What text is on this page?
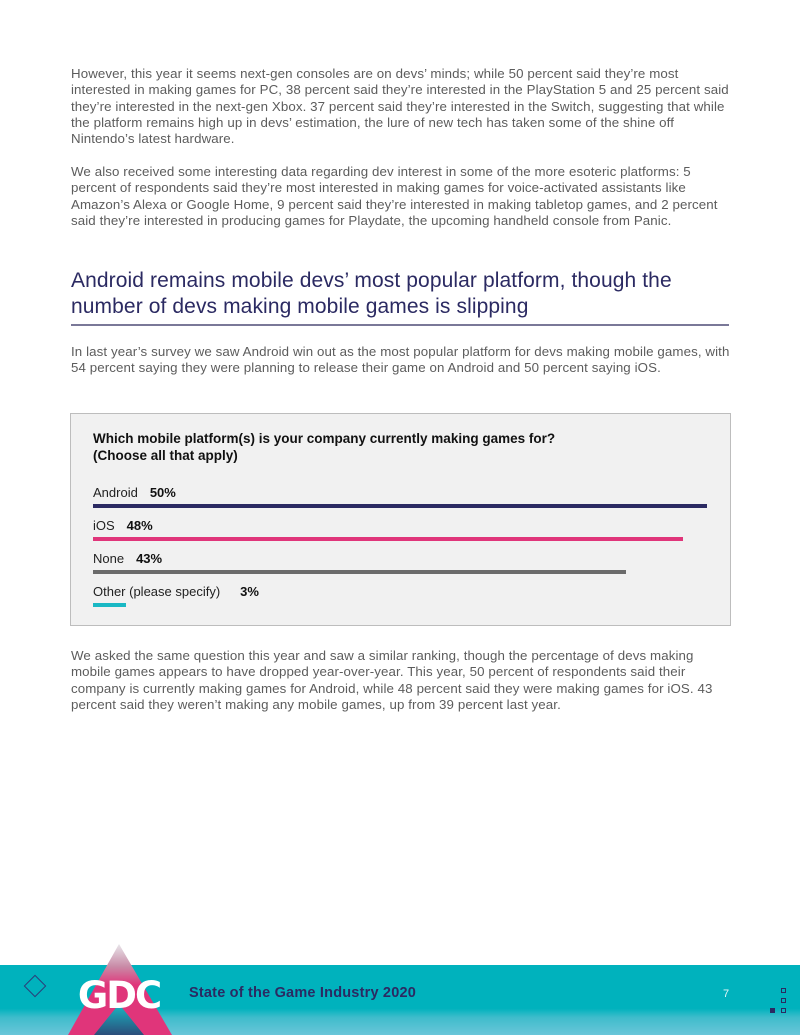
However, this year it seems next-gen consoles are on devs’ minds; while 50 percent said they’re most interested in making games for PC, 38 percent said they’re interested in the PlayStation 5 and 25 percent said they’re interested in the next-gen Xbox. 37 percent said they’re interested in the Switch, suggesting that while the platform remains high up in devs’ estimation, the lure of new tech has taken some of the shine off Nintendo’s latest hardware.

We also received some interesting data regarding dev interest in some of the more esoteric platforms: 5 percent of respondents said they’re most interested in making games for voice-activated assistants like Amazon’s Alexa or Google Home, 9 percent said they’re interested in making tabletop games, and 2 percent said they’re interested in producing games for Playdate, the upcoming handheld console from Panic.

Android remains mobile devs’ most popular platform, though the number of devs making mobile games is slipping

In last year’s survey we saw Android win out as the most popular platform for devs making mobile games, with 54 percent saying they were planning to release their game on Android and 50 percent saying iOS.

Which mobile platform(s) is your company currently making games for?
(Choose all that apply)

Android 50%
iOS 48%
None 43%
Other (please specify) 3%

We asked the same question this year and saw a similar ranking, though the percentage of devs making mobile games appears to have dropped year-over-year. This year, 50 percent of respondents said their company is currently making games for Android, while 48 percent said they were making games for iOS. 43 percent said they weren’t making any mobile games, up from 39 percent last year.

GDC State of the Game Industry 2020	7
